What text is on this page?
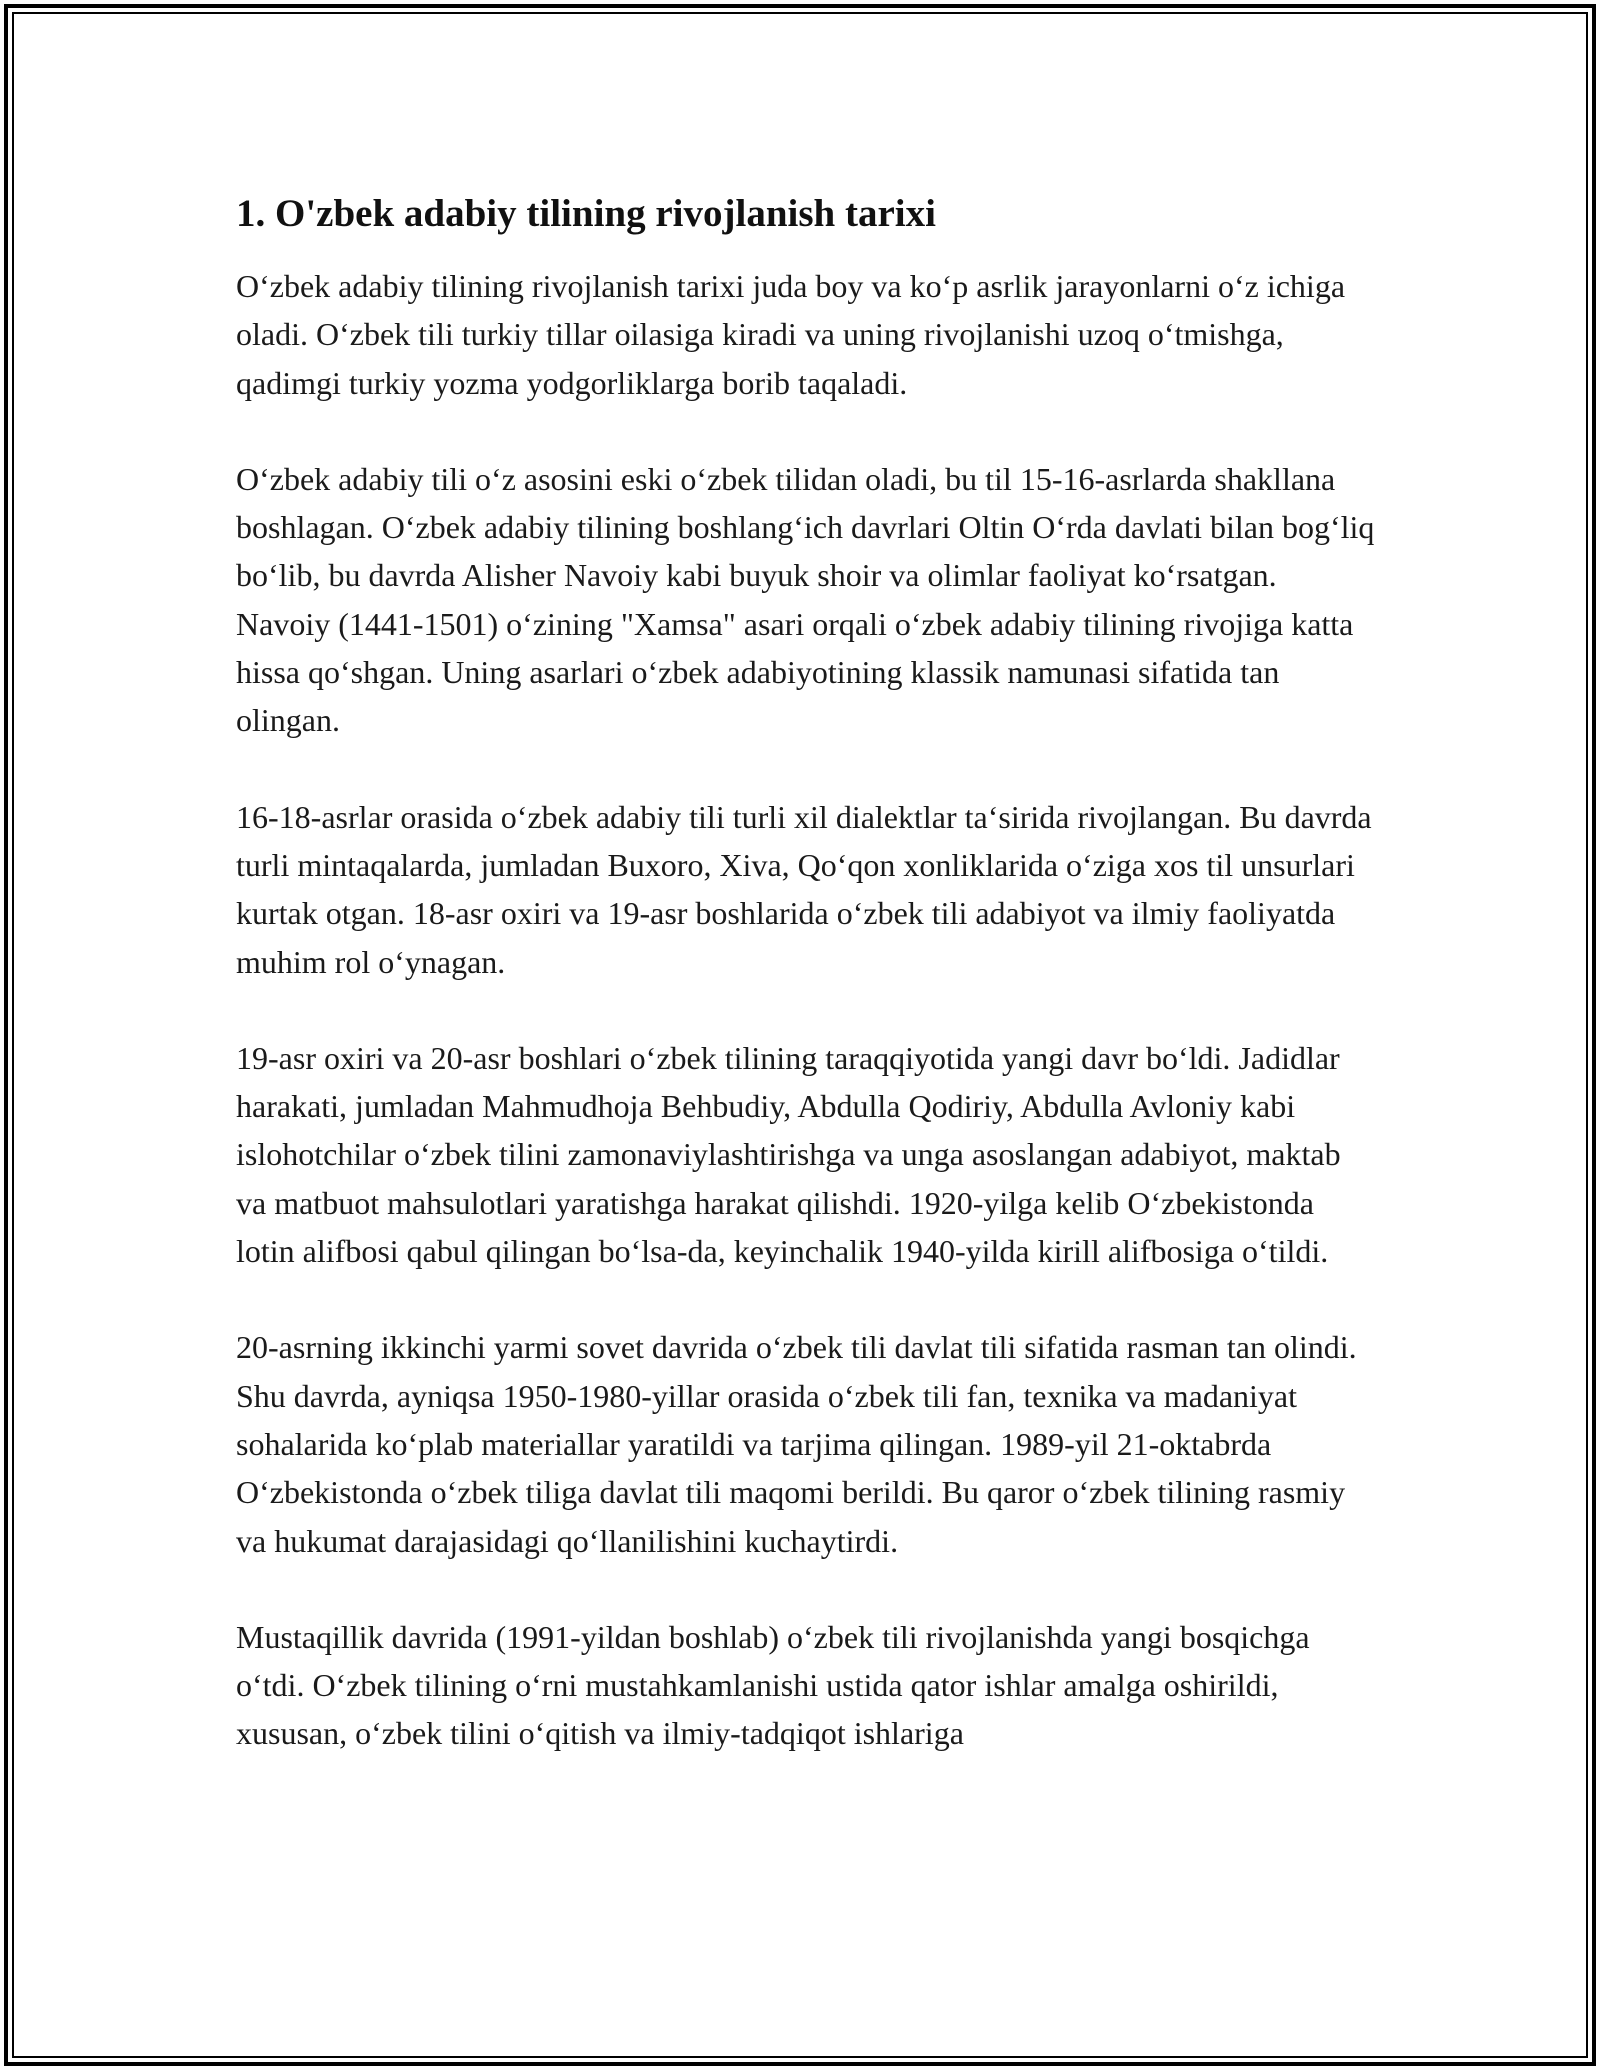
1. O'zbek adabiy tilining rivojlanish tarixi

O‘zbek adabiy tilining rivojlanish tarixi juda boy va ko‘p asrlik jarayonlarni o‘z ichiga oladi. O‘zbek tili turkiy tillar oilasiga kiradi va uning rivojlanishi uzoq o‘tmishga, qadimgi turkiy yozma yodgorliklarga borib taqaladi.

O‘zbek adabiy tili o‘z asosini eski o‘zbek tilidan oladi, bu til 15-16-asrlarda shakllana boshlagan. O‘zbek adabiy tilining boshlang‘ich davrlari Oltin O‘rda davlati bilan bog‘liq bo‘lib, bu davrda Alisher Navoiy kabi buyuk shoir va olimlar faoliyat ko‘rsatgan. Navoiy (1441-1501) o‘zining "Xamsa" asari orqali o‘zbek adabiy tilining rivojiga katta hissa qo‘shgan. Uning asarlari o‘zbek adabiyotining klassik namunasi sifatida tan olingan.

16-18-asrlar orasida o‘zbek adabiy tili turli xil dialektlar ta‘sirida rivojlangan. Bu davrda turli mintaqalarda, jumladan Buxoro, Xiva, Qo‘qon xonliklarida o‘ziga xos til unsurlari kurtak otgan. 18-asr oxiri va 19-asr boshlarida o‘zbek tili adabiyot va ilmiy faoliyatda muhim rol o‘ynagan.

19-asr oxiri va 20-asr boshlari o‘zbek tilining taraqqiyotida yangi davr bo‘ldi. Jadidlar harakati, jumladan Mahmudhoja Behbudiy, Abdulla Qodiriy, Abdulla Avloniy kabi islohotchilar o‘zbek tilini zamonaviylashtirishga va unga asoslangan adabiyot, maktab va matbuot mahsulotlari yaratishga harakat qilishdi. 1920-yilga kelib O‘zbekistonda lotin alifbosi qabul qilingan bo‘lsa-da, keyinchalik 1940-yilda kirill alifbosiga o‘tildi.

20-asrning ikkinchi yarmi sovet davrida o‘zbek tili davlat tili sifatida rasman tan olindi. Shu davrda, ayniqsa 1950-1980-yillar orasida o‘zbek tili fan, texnika va madaniyat sohalarida ko‘plab materiallar yaratildi va tarjima qilingan. 1989-yil 21-oktabrda O‘zbekistonda o‘zbek tiliga davlat tili maqomi berildi. Bu qaror o‘zbek tilining rasmiy va hukumat darajasidagi qo‘llanilishini kuchaytirdi.

Mustaqillik davrida (1991-yildan boshlab) o‘zbek tili rivojlanishda yangi bosqichga o‘tdi. O‘zbek tilining o‘rni mustahkamlanishi ustida qator ishlar amalga oshirildi, xususan, o‘zbek tilini o‘qitish va ilmiy-tadqiqot ishlariga
